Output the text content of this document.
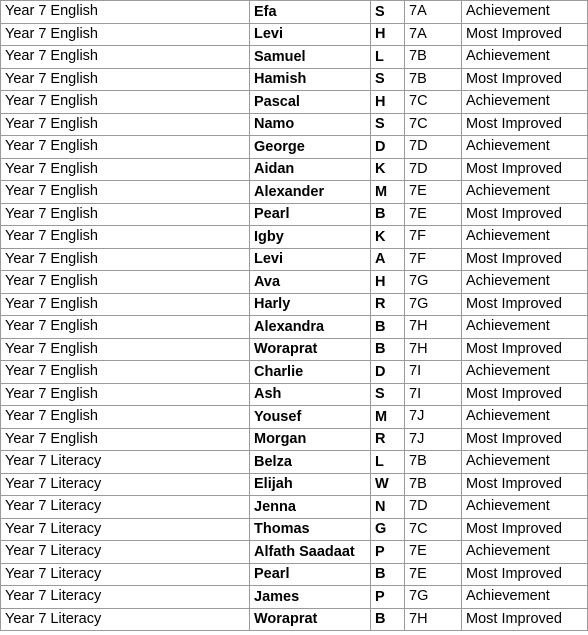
Year 7 English	Efa	S	7A	Achievement
Year 7 English	Levi	H	7A	Most Improved
Year 7 English	Samuel	L	7B	Achievement
Year 7 English	Hamish	S	7B	Most Improved
Year 7 English	Pascal	H	7C	Achievement
Year 7 English	Namo	S	7C	Most Improved
Year 7 English	George	D	7D	Achievement
Year 7 English	Aidan	K	7D	Most Improved
Year 7 English	Alexander	M	7E	Achievement
Year 7 English	Pearl	B	7E	Most Improved
Year 7 English	Igby	K	7F	Achievement
Year 7 English	Levi	A	7F	Most Improved
Year 7 English	Ava	H	7G	Achievement
Year 7 English	Harly	R	7G	Most Improved
Year 7 English	Alexandra	B	7H	Achievement
Year 7 English	Woraprat	B	7H	Most Improved
Year 7 English	Charlie	D	7I	Achievement
Year 7 English	Ash	S	7I	Most Improved
Year 7 English	Yousef	M	7J	Achievement
Year 7 English	Morgan	R	7J	Most Improved
Year 7 Literacy	Belza	L	7B	Achievement
Year 7 Literacy	Elijah	W	7B	Most Improved
Year 7 Literacy	Jenna	N	7D	Achievement
Year 7 Literacy	Thomas	G	7C	Most Improved
Year 7 Literacy	Alfath Saadaat	P	7E	Achievement
Year 7 Literacy	Pearl	B	7E	Most Improved
Year 7 Literacy	James	P	7G	Achievement
Year 7 Literacy	Woraprat	B	7H	Most Improved
